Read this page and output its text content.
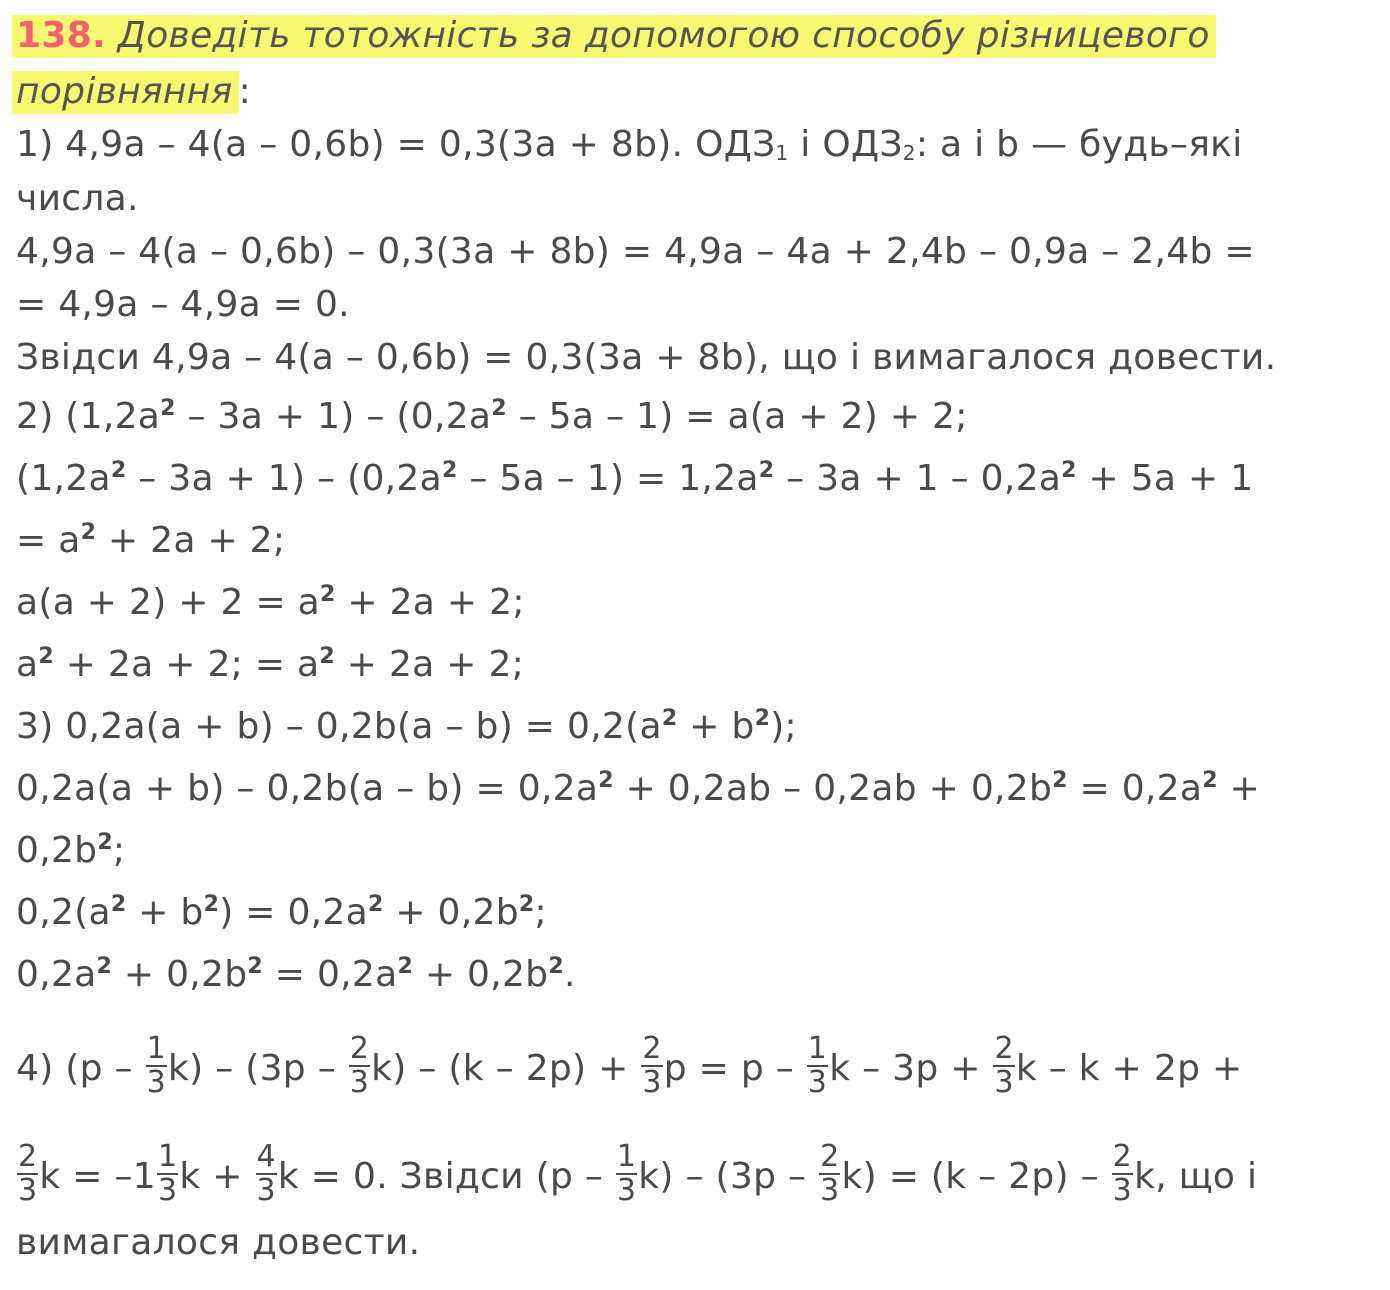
138. Доведіть тотожність за допомогою способу різницевого
порівняння :
1) 4,9a – 4(a – 0,6b) = 0,3(3a + 8b). $ОДЗ_1$ і $ОДЗ_2$: a і b — будь–які
числа.
4,9a – 4(a – 0,6b) – 0,3(3a + 8b) = 4,9a – 4a + 2,4b – 0,9a – 2,4b =
= 4,9a – 4,9a = 0.
Звідси 4,9a – 4(a – 0,6b) = 0,3(3a + 8b), що і вимагалося довести.
2) $(1,2a^2 - 3a + 1) - (0,2a^2 - 5a - 1) = a(a + 2) + 2$;
$(1,2a^2 - 3a + 1) - (0,2a^2 - 5a - 1) = 1,2a^2 - 3a + 1 - 0,2a^2 + 5a + 1$
= $a^2 + 2a + 2$;
$a(a + 2) + 2 = a^2 + 2a + 2$;
$a^2 + 2a + 2$; = $a^2 + 2a + 2$;
3) $0,2a(a + b) - 0,2b(a - b) = 0,2(a^2 + b^2)$;
$0,2a(a + b) - 0,2b(a - b) = 0,2a^2 + 0,2ab - 0,2ab + 0,2b^2 = 0,2a^2$ +
$0,2b^2$;
$0,2(a^2 + b^2) = 0,2a^2 + 0,2b^2$;
$0,2a^2 + 0,2b^2 = 0,2a^2 + 0,2b^2$.
4) $(p - \frac{1}{3} k) - (3p - \frac{2}{3} k) - (k - 2p) + \frac{2}{3}$ $p = p - \frac{1}{3}$ $k - 3p + \frac{2}{3}$ k – k + 2p +
$\frac{2}{3}$ $k = -1 \frac{1}{3}$ $k + \frac{4}{3}$ k = 0. Звідси $(p - \frac{1}{3} k) - (3p - \frac{2}{3} k) = (k - 2p) - \frac{2}{3} k$, що і
вимагалося довести.
